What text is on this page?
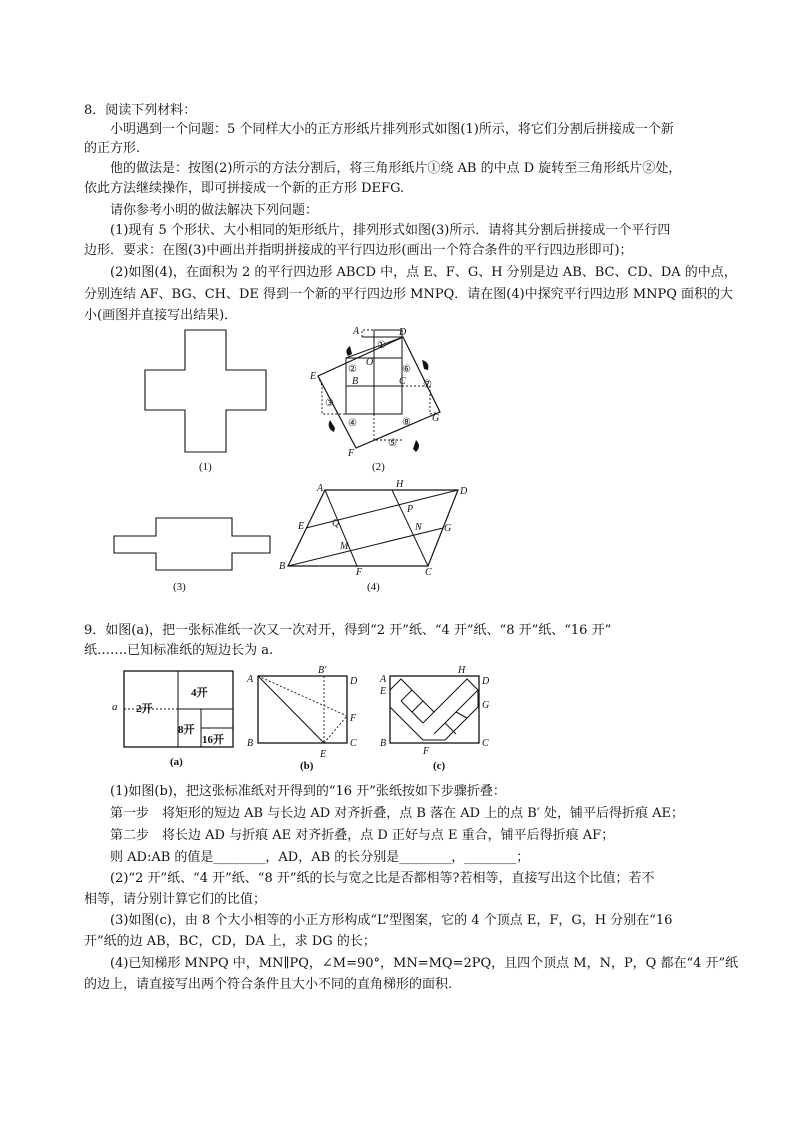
8．阅读下列材料：
小明遇到一个问题：5 个同样大小的正方形纸片排列形式如图(1)所示，将它们分割后拼接成一个新
的正方形.
他的做法是：按图(2)所示的方法分割后，将三角形纸片①绕 AB 的中点 D 旋转至三角形纸片②处，
依此方法继续操作，即可拼接成一个新的正方形 DEFG.
请你参考小明的做法解决下列问题：
(1)现有 5 个形状、大小相同的矩形纸片，排列形式如图(3)所示．请将其分割后拼接成一个平行四
边形．要求：在图(3)中画出并指明拼接成的平行四边形(画出一个符合条件的平行四边形即可)；
(2)如图(4)，在面积为 2 的平行四边形 ABCD 中，点 E、F、G、H 分别是边 AB、BC、CD、DA 的中点，
分别连结 AF、BG、CH、DE 得到一个新的平行四边形 MNPQ．请在图(4)中探究平行四边形 MNPQ 面积的大
小(画图并直接写出结果)．
(1)
A	D
O
E	B	C
G
F
①
②
③
④
⑤
⑥
⑦
⑧
(2)
(3)
A	H
D
P
E	Q	N G
M
B
F	C
(4)
9．如图(a)，把一张标准纸一次又一次对开，得到“2 开”纸、“4 开”纸、“8 开”纸、“16 开”
纸…….已知标准纸的短边长为 a.
a 2开
4开
8开
16开
(a)
A
B′
D
F
B
E
C
(b)
H
A	D
E
G
B
F
C
(c)
(1)如图(b)，把这张标准纸对开得到的“16 开”张纸按如下步骤折叠：
第一步　将矩形的短边 AB 与长边 AD 对齐折叠，点 B 落在 AD 上的点 B′ 处，铺平后得折痕 AE；
第二步　将长边 AD 与折痕 AE 对齐折叠，点 D 正好与点 E 重合，铺平后得折痕 AF；
则 AD:AB 的值是________，AD，AB 的长分别是________，________；
(2)“2 开”纸、“4 开”纸、“8 开”纸的长与宽之比是否都相等?若相等，直接写出这个比值；若不
相等，请分别计算它们的比值；
(3)如图(c)，由 8 个大小相等的小正方形构成“L”型图案，它的 4 个顶点 E，F，G，H 分别在“16
开”纸的边 AB，BC，CD，DA 上，求 DG 的长；
(4)已知梯形 MNPQ 中，MN∥PQ，∠M=90°，MN=MQ=2PQ，且四个顶点 M，N，P，Q 都在“4 开”纸
的边上，请直接写出两个符合条件且大小不同的直角梯形的面积.
